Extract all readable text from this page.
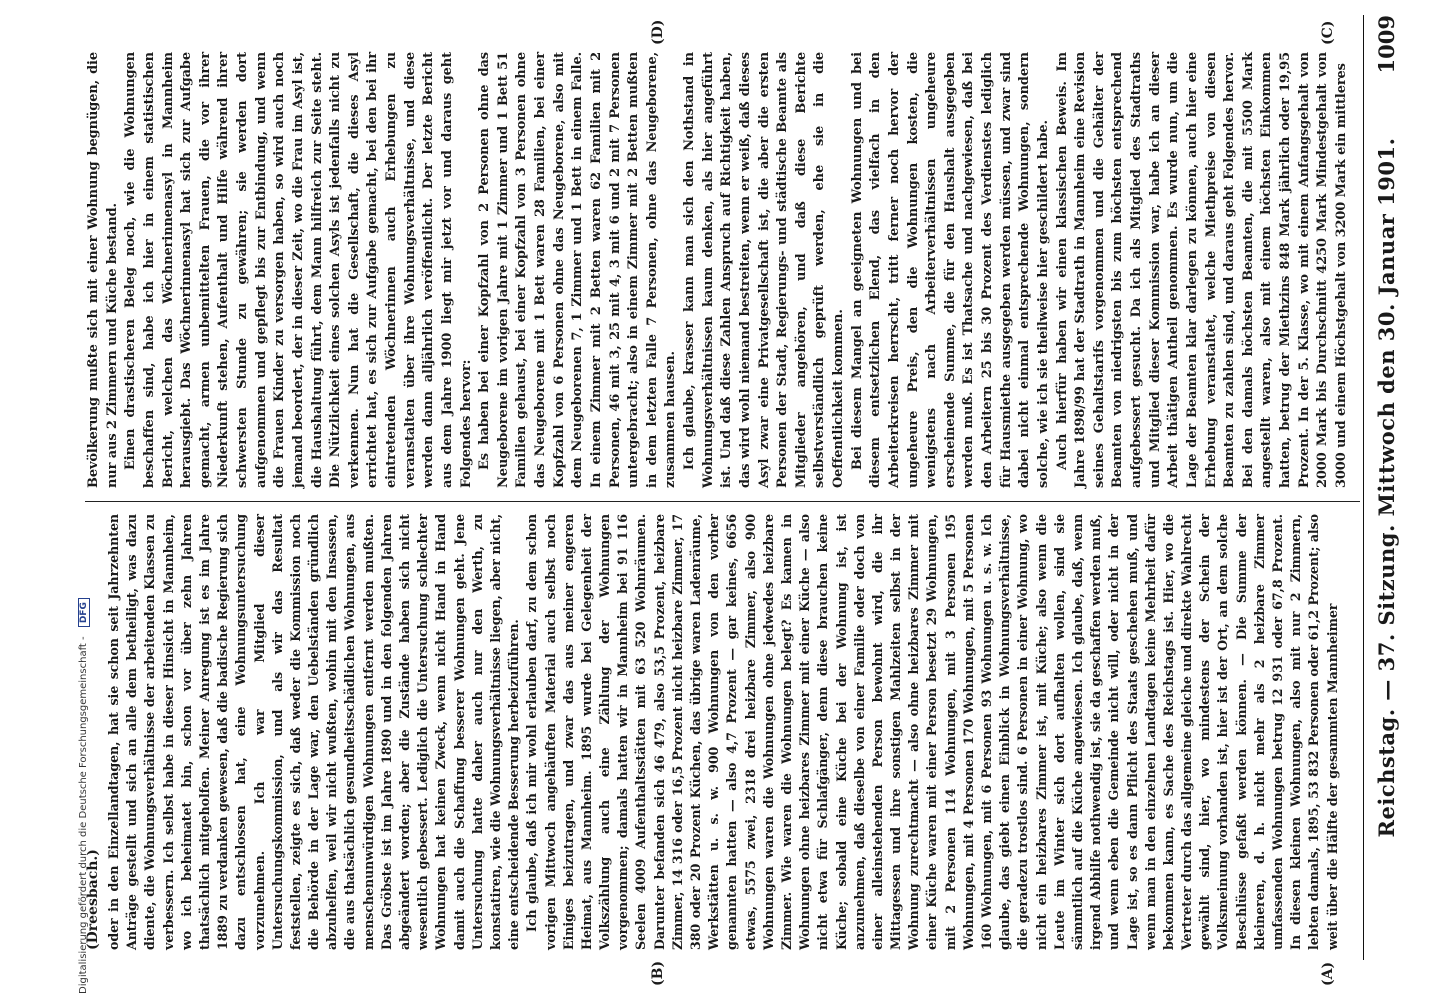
Reichstag. — 37. Sitzung. Mittwoch den 30. Januar 1901.
1009
(A)
(B)
(C)
(D)
(Dreesbach.) oder in den Einzellandtagen, hat sie schon seit Jahrzehnten Anträge gestellt und sich an alle dem betheiligt, was dazu diente, die Wohnungsverhältnisse der arbeitenden Klassen zu verbessern. Ich selbst habe in dieser Hinsicht in Mannheim, wo ich beheimatet bin, schon vor über zehn Jahren thatsächlich mitgeholfen. Meiner Anregung ist es im Jahre 1889 zu verdanken gewesen, daß die badische Regierung sich dazu entschlossen hat, eine Wohnungsuntersuchung vorzunehmen. Ich war Mitglied dieser Untersuchungskommission, und als wir das Resultat feststellen, zeigte es sich, daß weder die Kommission noch die Behörde in der Lage war, den Uebelständen gründlich abzuhelfen, weil wir nicht wußten, wohin mit den Insassen, die aus thatsächlich gesundheitsschädlichen Wohnungen, aus menschenunwürdigen Wohnungen entfernt werden mußten. Das Gröbste ist im Jahre 1890 und in den folgenden Jahren abgeändert worden; aber die Zustände haben sich nicht wesentlich gebessert. Lediglich die Untersuchung schlechter Wohnungen hat keinen Zweck, wenn nicht Hand in Hand damit auch die Schaffung besserer Wohnungen geht. Jene Untersuchung hatte daher auch nur den Werth, zu konstatiren, wie die Wohnungsverhältnisse liegen, aber nicht, eine entscheidende Besserung herbeizuführen. Ich glaube, daß ich mir wohl erlauben darf, zu dem schon vorigen Mittwoch angehäuften Material auch selbst noch Einiges beizutragen, und zwar das aus meiner engeren Heimat, aus Mannheim. 1895 wurde bei Gelegenheit der Volkszählung auch eine Zählung der Wohnungen vorgenommen; damals hatten wir in Mannheim bei 91 116 Seelen 4009 Aufenthaltsstätten mit 63 520 Wohnräumen. Darunter befanden sich 46 479, also 53,5 Prozent, heizbare Zimmer, 14 316 oder 16,5 Prozent nicht heizbare Zimmer, 17 380 oder 20 Prozent Küchen, das übrige waren Ladenräume, Werkstätten u. s. w. 900 Wohnungen von den vorher genannten hatten — also 4,7 Prozent — gar keines, 6656 etwas, 5575 zwei, 2318 drei heizbare Zimmer, also 900 Wohnungen waren die Wohnungen ohne jedwedes heizbare Zimmer. Wie waren die Wohnungen belegt? Es kamen in Wohnungen ohne heizbares Zimmer mit einer Küche — also nicht etwa für Schlafgänger, denn diese brauchen keine Küche; sobald eine Küche bei der Wohnung ist, ist anzunehmen, daß dieselbe von einer Familie oder doch von einer alleinstehenden Person bewohnt wird, die ihr Mittagessen und ihre sonstigen Mahlzeiten selbst in der Wohnung zurechtmacht — also ohne heizbares Zimmer mit einer Küche waren mit einer Person besetzt 29 Wohnungen, mit 2 Personen 114 Wohnungen, mit 3 Personen 195 Wohnungen, mit 4 Personen 170 Wohnungen, mit 5 Personen 160 Wohnungen, mit 6 Personen 93 Wohnungen u. s. w. Ich glaube, das giebt einen Einblick in Wohnungsverhältnisse, die geradezu trostlos sind. 6 Personen in einer Wohnung, wo nicht ein heizbares Zimmer ist, mit Küche; also wenn die Leute im Winter sich dort aufhalten wollen, sind sie sämmtlich auf die Küche angewiesen. Ich glaube, daß, wenn irgend Abhilfe nothwendig ist, sie da geschaffen werden muß, und wenn eben die Gemeinde nicht will, oder nicht in der Lage ist, so es dann Pflicht des Staats geschehen muß, und wenn man in den einzelnen Landtagen keine Mehrheit dafür bekommen kann, es Sache des Reichstags ist. Hier, wo die Vertreter durch das allgemeine gleiche und direkte Wahlrecht gewählt sind, hier, wo mindestens der Schein der Volksmeinung vorhanden ist, hier ist der Ort, an dem solche Beschlüsse gefaßt werden können. — Die Summe der kleineren, d. h. nicht mehr als 2 heizbare Zimmer umfassenden Wohnungen betrug 12 931 oder 67,8 Prozent. In diesen kleinen Wohnungen, also mit nur 2 Zimmern, lebten damals, 1895, 53 832 Personen oder 61,2 Prozent; also weit über die Hälfte der gesammten Mannheimer

Bevölkerung mußte sich mit einer Wohnung begnügen, die nur aus 2 Zimmern und Küche bestand. Einen drastischeren Beleg noch, wie die Wohnungen beschaffen sind, habe ich hier in einem statistischen Bericht, welchen das Wöchnerinnenasyl in Mannheim herausgiebt. Das Wöchnerinnenasyl hat sich zur Aufgabe gemacht, armen unbemittelten Frauen, die vor ihrer Niederkunft stehen, Aufenthalt und Hilfe während ihrer schwersten Stunde zu gewähren; sie werden dort aufgenommen und gepflegt bis zur Entbindung, und wenn die Frauen Kinder zu versorgen haben, so wird auch noch jemand beordert, der in dieser Zeit, wo die Frau im Asyl ist, die Haushaltung führt, dem Mann hilfreich zur Seite steht. Die Nützlichkeit eines solchen Asyls ist jedenfalls nicht zu verkennen. Nun hat die Gesellschaft, die dieses Asyl errichtet hat, es sich zur Aufgabe gemacht, bei den bei ihr eintretenden Wöchnerinnen auch Erhebungen zu veranstalten über ihre Wohnungsverhältnisse, und diese werden dann alljährlich veröffentlicht. Der letzte Bericht aus dem Jahre 1900 liegt mir jetzt vor und daraus geht Folgendes hervor: Es haben bei einer Kopfzahl von 2 Personen ohne das Neugeborene im vorigen Jahre mit 1 Zimmer und 1 Bett 51 Familien gehaust, bei einer Kopfzahl von 3 Personen ohne das Neugeborene mit 1 Bett waren 28 Familien, bei einer Kopfzahl von 6 Personen ohne das Neugeborene, also mit dem Neugeborenen 7, 1 Zimmer und 1 Bett in einem Falle. In einem Zimmer mit 2 Betten waren 62 Familien mit 2 Personen, 46 mit 3, 25 mit 4, 3 mit 6 und 2 mit 7 Personen untergebracht; also in einem Zimmer mit 2 Betten mußten in dem letzten Falle 7 Personen, ohne das Neugeborene, zusammen hausen. Ich glaube, krasser kann man sich den Nothstand in Wohnungsverhältnissen kaum denken, als hier angeführt ist. Und daß diese Zahlen Anspruch auf Richtigkeit haben, das wird wohl niemand bestreiten, wenn er weiß, daß dieses Asyl zwar eine Privatgesellschaft ist, die aber die ersten Personen der Stadt, Regierungs- und städtische Beamte als Mitglieder angehören, und daß diese Berichte selbstverständlich geprüft werden, ehe sie in die Oeffentlichkeit kommen. Bei diesem Mangel an geeigneten Wohnungen und bei diesem entsetzlichen Elend, das vielfach in den Arbeiterkreisen herrscht, tritt ferner noch hervor der ungeheure Preis, den die Wohnungen kosten, die wenigstens nach Arbeiterverhältnissen ungeheure erscheinende Summe, die für den Haushalt ausgegeben werden muß. Es ist Thatsache und nachgewiesen, daß bei den Arbeitern 25 bis 30 Prozent des Verdienstes lediglich für Hausmiethe ausgegeben werden müssen, und zwar sind dabei nicht einmal entsprechende Wohnungen, sondern solche, wie ich sie theilweise hier geschildert habe. Auch hierfür haben wir einen klassischen Beweis. Im Jahre 1898/99 hat der Stadtrath in Mannheim eine Revision seines Gehaltstarifs vorgenommen und die Gehälter der Beamten von niedrigsten bis zum höchsten entsprechend aufgebessert gesucht. Da ich als Mitglied des Stadtraths und Mitglied dieser Kommission war, habe ich an dieser Arbeit thätigen Antheil genommen. Es wurde nun, um die Lage der Beamten klar darlegen zu können, auch hier eine Erhebung veranstaltet, welche Miethpreise von diesen Beamten zu zahlen sind, und daraus geht Folgendes hervor. Bei den damals höchsten Beamten, die mit 5500 Mark angestellt waren, also mit einem höchsten Einkommen hatten, betrug der Miethzins 848 Mark jährlich oder 19,95 Prozent. In der 5. Klasse, wo mit einem Anfangsgehalt von 2000 Mark bis Durchschnitt 4250 Mark Mindestgehalt von 3000 und einem Höchstgehalt von 3200 Mark ein mittleres

Digitalisierung gefördert durch die Deutsche Forschungsgemeinschaft - DFG
